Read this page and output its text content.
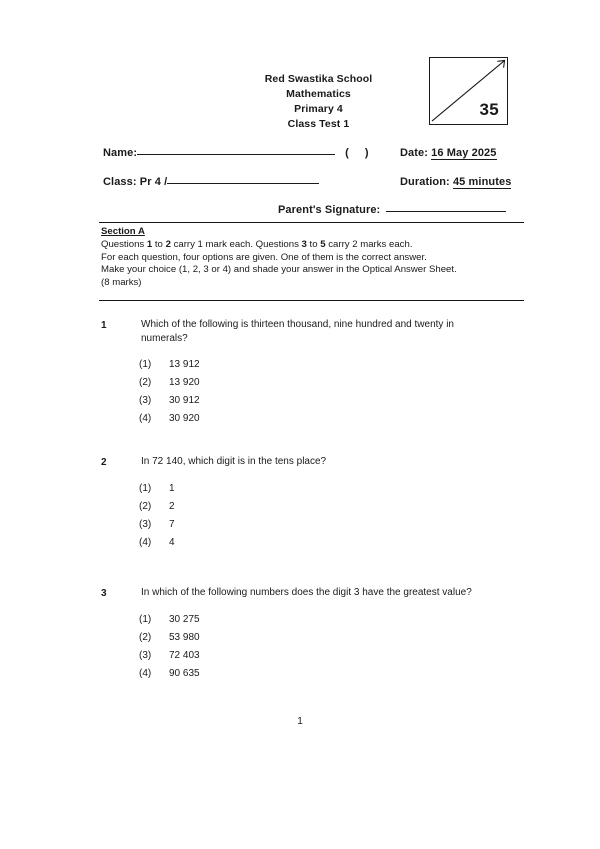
Red Swastika School
Mathematics
Primary 4
Class Test 1
35
Name:	( )
Class: Pr 4 /
Date: 16 May 2025
Duration: 45 minutes
Parent's Signature:
Section A
Questions 1 to 2 carry 1 mark each. Questions 3 to 5 carry 2 marks each.
For each question, four options are given. One of them is the correct answer.
Make your choice (1, 2, 3 or 4) and shade your answer in the Optical Answer Sheet.
(8 marks)
1	Which of the following is thirteen thousand, nine hundred and twenty in numerals?
(1)	13 912
(2)	13 920
(3)	30 912
(4)	30 920
2	In 72 140, which digit is in the tens place?
(1)	1
(2)	2
(3)	7
(4)	4
3	In which of the following numbers does the digit 3 have the greatest value?
(1)	30 275
(2)	53 980
(3)	72 403
(4)	90 635
1
